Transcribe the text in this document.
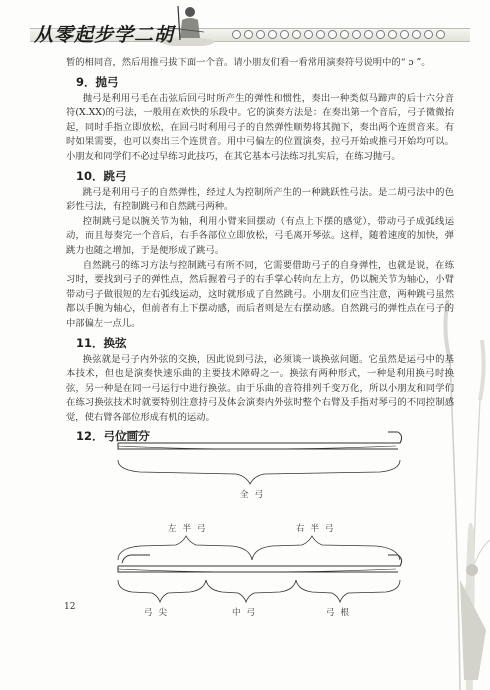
从零起步学二胡

暂的相同音，然后用推弓拔下面一个音。请小朋友们看一看常用演奏符号说明中的“ ɔ ”。

9．抛弓

抛弓是利用弓毛在击弦后回弓时所产生的弹性和惯性，奏出一种类似马蹄声的后十六分音符(X.XX)的弓法，一般用在欢快的乐段中。它的演奏方法是：在奏出第一个音后，弓子微微抬起，同时手指立即放松，在回弓时利用弓子的自然弹性顺势将其抛下，奏出两个连贯音来。有时如果需要，也可以奏出三个连贯音。用中弓偏左的位置演奏，拉弓开始或推弓开始均可以。小朋友和同学们不必过早练习此技巧，在其它基本弓法练习扎实后，在练习抛弓。

10．跳弓

跳弓是利用弓子的自然弹性，经过人为控制所产生的一种跳跃性弓法。是二胡弓法中的色彩性弓法，有控制跳弓和自然跳弓两种。

控制跳弓是以腕关节为轴，利用小臂来回摆动（有点上下摆的感觉），带动弓子成弧线运动，而且每奏完一个音后，右手各部位立即放松，弓毛离开琴弦。这样，随着速度的加快，弹跳力也随之增加，于是便形成了跳弓。

自然跳弓的练习方法与控制跳弓有所不同，它需要借助弓子的自身弹性，也就是说，在练习时，要找到弓子的弹性点，然后握着弓子的右手掌心转向左上方，仍以腕关节为轴心，小臂带动弓子做很短的左右弧线运动，这时就形成了自然跳弓。小朋友们应当注意，两种跳弓虽然都以手腕为轴心，但前者有上下摆动感，而后者则是左右摆动感。自然跳弓的弹性点在弓子的中部偏左一点儿。

11．换弦

换弦就是弓子内外弦的交换，因此说到弓法，必须谈一谈换弦问题。它虽然是运弓中的基本技术，但也是演奏快速乐曲的主要技术障碍之一。换弦有两种形式，一种是利用换弓时换弦，另一种是在同一弓运行中进行换弦。由于乐曲的音符排列千变万化，所以小朋友和同学们在练习换弦技术时就要特别注意持弓及体会演奏内外弦时整个右臂及手指对琴弓的不同控制感觉，使右臂各部位形成有机的运动。

12．弓位画分
全弓
左半弓	右半弓
弓尖	中弓	弓根
12
